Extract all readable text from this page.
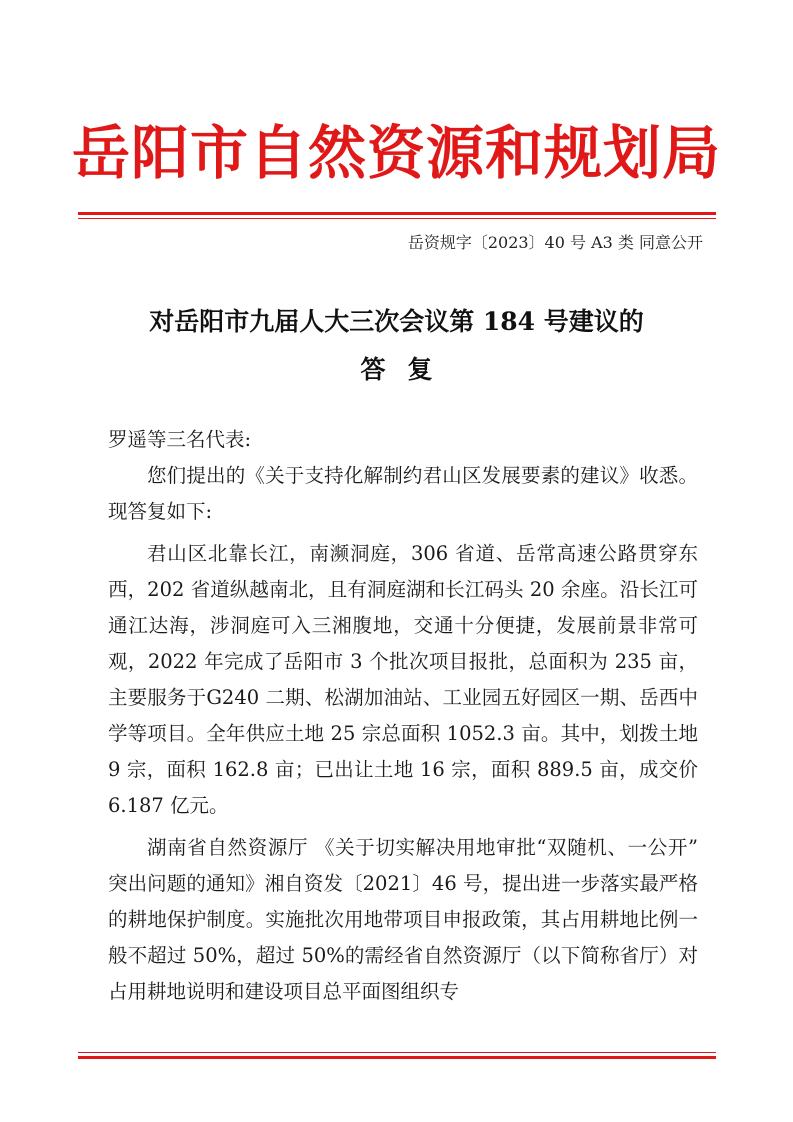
岳阳市自然资源和规划局
岳资规字〔2023〕40 号 A3 类 同意公开
对岳阳市九届人大三次会议第 184 号建议的
答复

罗遥等三名代表:

您们提出的《关于支持化解制约君山区发展要素的建议》收悉。现答复如下:

君山区北靠长江，南濒洞庭，306 省道、岳常高速公路贯穿东西，202 省道纵越南北，且有洞庭湖和长江码头 20 余座。沿长江可通江达海，涉洞庭可入三湘腹地，交通十分便捷，发展前景非常可观，2022 年完成了岳阳市 3 个批次项目报批，总面积为 235 亩，主要服务于G240 二期、松湖加油站、工业园五好园区一期、岳西中学等项目。全年供应土地 25 宗总面积 1052.3 亩。其中，划拨土地 9 宗，面积 162.8 亩；已出让土地 16 宗，面积 889.5 亩，成交价 6.187 亿元。

湖南省自然资源厅 《关于切实解决用地审批“双随机、一公开” 突出问题的通知》湘自资发〔2021〕46 号，提出进一步落实最严格的耕地保护制度。实施批次用地带项目申报政策，其占用耕地比例一般不超过 50%，超过 50%的需经省自然资源厅（以下简称省厅）对占用耕地说明和建设项目总平面图组织专
